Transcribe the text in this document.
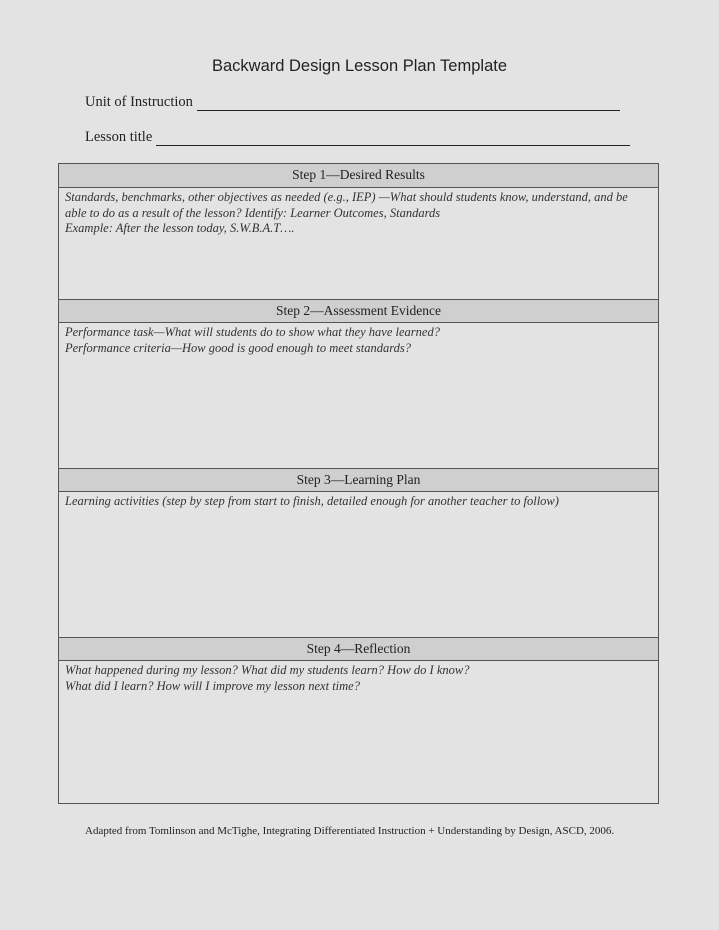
Backward Design Lesson Plan Template
Unit of Instruction
Lesson title
Step 1—Desired Results
Standards, benchmarks, other objectives as needed (e.g., IEP) —What should students know, understand, and be able to do as a result of the lesson? Identify: Learner Outcomes, Standards
Example: After the lesson today, S.W.B.A.T….
Step 2—Assessment Evidence
Performance task—What will students do to show what they have learned?
Performance criteria—How good is good enough to meet standards?
Step 3—Learning Plan
Learning activities (step by step from start to finish, detailed enough for another teacher to follow)
Step 4—Reflection
What happened during my lesson? What did my students learn? How do I know?
What did I learn? How will I improve my lesson next time?
Adapted from Tomlinson and McTighe, Integrating Differentiated Instruction + Understanding by Design, ASCD, 2006.
